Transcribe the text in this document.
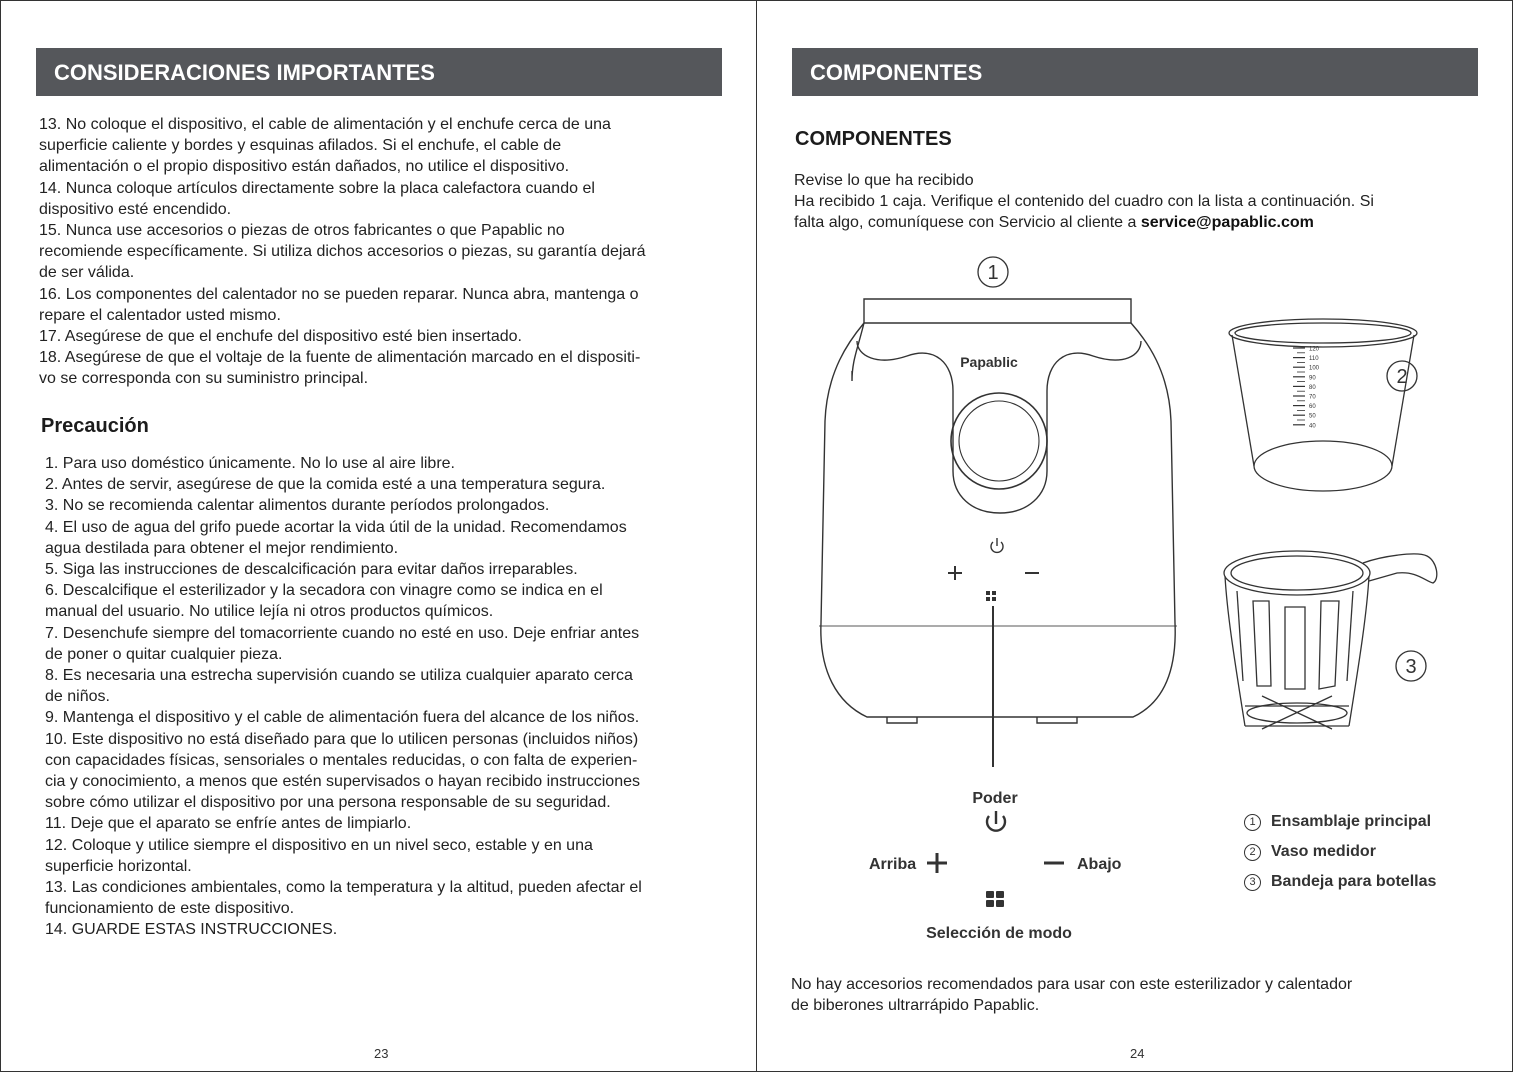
CONSIDERACIONES IMPORTANTES
13. No coloque el dispositivo, el cable de alimentación y el enchufe cerca de una
superficie caliente y bordes y esquinas afilados. Si el enchufe, el cable de
alimentación o el propio dispositivo están dañados, no utilice el dispositivo.
14. Nunca coloque artículos directamente sobre la placa calefactora cuando el
dispositivo esté encendido.
15. Nunca use accesorios o piezas de otros fabricantes o que Papablic no
recomiende específicamente. Si utiliza dichos accesorios o piezas, su garantía dejará
de ser válida.
16. Los componentes del calentador no se pueden reparar. Nunca abra, mantenga o
repare el calentador usted mismo.
17. Asegúrese de que el enchufe del dispositivo esté bien insertado.
18. Asegúrese de que el voltaje de la fuente de alimentación marcado en el dispositi-
vo se corresponda con su suministro principal.
Precaución
1. Para uso doméstico únicamente. No lo use al aire libre.
2. Antes de servir, asegúrese de que la comida esté a una temperatura segura.
3. No se recomienda calentar alimentos durante períodos prolongados.
4. El uso de agua del grifo puede acortar la vida útil de la unidad. Recomendamos
agua destilada para obtener el mejor rendimiento.
5. Siga las instrucciones de descalcificación para evitar daños irreparables.
6. Descalcifique el esterilizador y la secadora con vinagre como se indica en el
manual del usuario. No utilice lejía ni otros productos químicos.
7. Desenchufe siempre del tomacorriente cuando no esté en uso. Deje enfriar antes
de poner o quitar cualquier pieza.
8. Es necesaria una estrecha supervisión cuando se utiliza cualquier aparato cerca
de niños.
9. Mantenga el dispositivo y el cable de alimentación fuera del alcance de los niños.
10. Este dispositivo no está diseñado para que lo utilicen personas (incluidos niños)
con capacidades físicas, sensoriales o mentales reducidas, o con falta de experien-
cia y conocimiento, a menos que estén supervisados o hayan recibido instrucciones
sobre cómo utilizar el dispositivo por una persona responsable de su seguridad.
11. Deje que el aparato se enfríe antes de limpiarlo.
12. Coloque y utilice siempre el dispositivo en un nivel seco, estable y en una
superficie horizontal.
13. Las condiciones ambientales, como la temperatura y la altitud, pueden afectar el
funcionamiento de este dispositivo.
14. GUARDE ESTAS INSTRUCCIONES.
23
COMPONENTES
COMPONENTES
Revise lo que ha recibido
Ha recibido 1 caja. Verifique el contenido del cuadro con la lista a continuación. Si
falta algo, comuníquese con Servicio al cliente a service@papablic.com
1
Papablic
120
110
100
90
80
70
60
50
40
2
3
Poder
Arriba	Abajo
Selección de modo
1 Ensamblaje principal
2 Vaso medidor
3 Bandeja para botellas
No hay accesorios recomendados para usar con este esterilizador y calentador
de biberones ultrarrápido Papablic.
24
